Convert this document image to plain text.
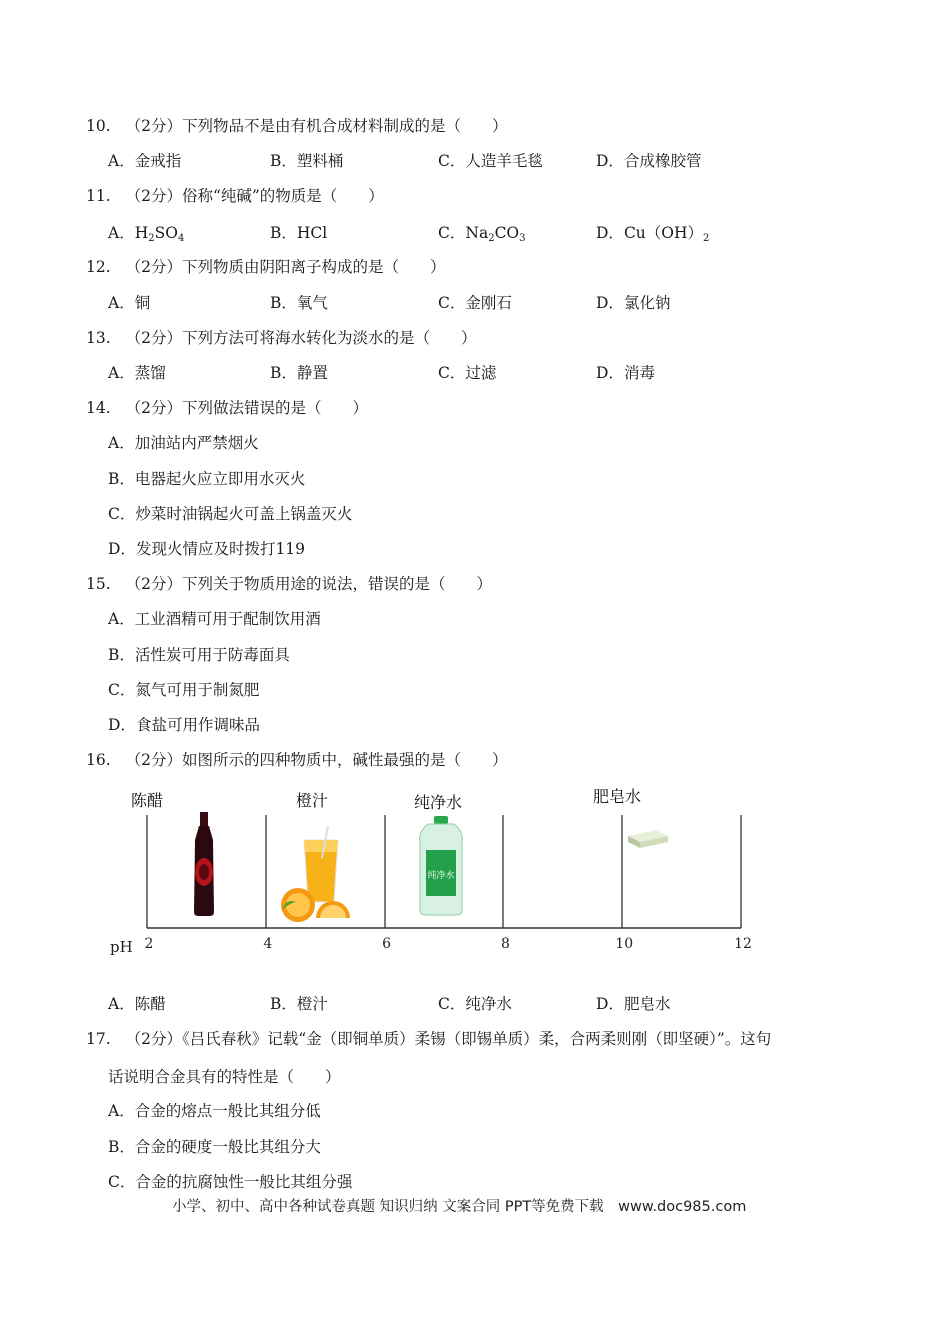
10. （2分）下列物品不是由有机合成材料制成的是（　　）
A．金戒指	B．塑料桶	C．人造羊毛毯	D．合成橡胶管
11. （2分）俗称“纯碱”的物质是（　　）
A．$H_2SO_4$	B．HCl	C．$Na_2CO_3$	D．$Cu(OH)_2$
12. （2分）下列物质由阴阳离子构成的是（　　）
A．铜	B．氧气	C．金刚石	D．氯化钠
13. （2分）下列方法可将海水转化为淡水的是（　　）
A．蒸馏	B．静置	C．过滤	D．消毒
14. （2分）下列做法错误的是（　　）
A．加油站内严禁烟火
B．电器起火应立即用水灭火
C．炒菜时油锅起火可盖上锅盖灭火
D．发现火情应及时拨打119
15. （2分）下列关于物质用途的说法，错误的是（　　）
A．工业酒精可用于配制饮用酒
B．活性炭可用于防毒面具
C．氮气可用于制氮肥
D．食盐可用作调味品
16. （2分）如图所示的四种物质中，碱性最强的是（　　）
陈醋	橙汁	纯净水	肥皂水
纯净水
pH 2	4	6	8	10	12
A．陈醋	B．橙汁	C．纯净水	D．肥皂水
17. （2分）《吕氏春秋》记载“金（即铜单质）柔锡（即锡单质）柔，合两柔则刚（即坚硬）”。这句
话说明合金具有的特性是（　　）
A．合金的熔点一般比其组分低
B．合金的硬度一般比其组分大
C．合金的抗腐蚀性一般比其组分强
小学、初中、高中各种试卷真题 知识归纳 文案合同 PPT等免费下载　www.doc985.com
